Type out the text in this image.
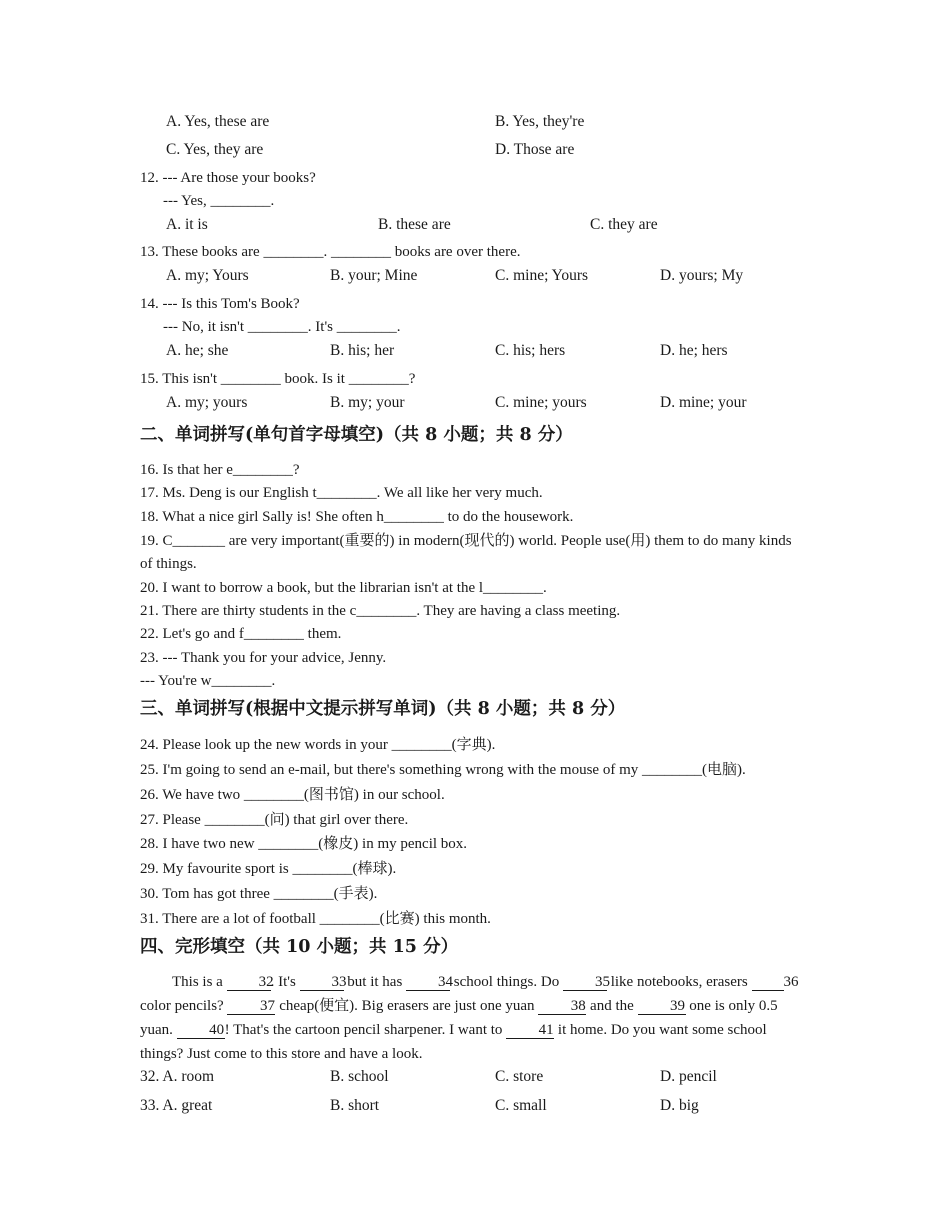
A. Yes, these are	B. Yes, they're
C. Yes, they are	D. Those are
12. --- Are those your books?
--- Yes, ________.
A. it is	B. these are	C. they are
13. These books are ________. ________ books are over there.
A. my; Yours	B. your; Mine	C. mine; Yours	D. yours; My
14. --- Is this Tom's Book?
--- No, it isn't ________. It's ________.
A. he; she	B. his; her	C. his; hers	D. he; hers
15. This isn't ________ book. Is it ________?
A. my; yours	B. my; your	C. mine; yours	D. mine; your
二、单词拼写(单句首字母填空)（共 8 小题；共 8 分）
16. Is that her e________?
17. Ms. Deng is our English t________. We all like her very much.
18. What a nice girl Sally is! She often h________ to do the housework.
19. C_______ are very important(重要的) in modern(现代的) world. People use(用) them to do many kinds
of things.
20. I want to borrow a book, but the librarian isn't at the l________.
21. There are thirty students in the c________. They are having a class meeting.
22. Let's go and f________ them.
23. --- Thank you for your advice, Jenny.
--- You're w________.
三、单词拼写(根据中文提示拼写单词)（共 8 小题；共 8 分）
24. Please look up the new words in your ________(字典).
25. I'm going to send an e-mail, but there's something wrong with the mouse of my ________(电脑).
26. We have two ________(图书馆) in our school.
27. Please ________(问) that girl over there.
28. I have two new ________(橡皮) in my pencil box.
29. My favourite sport is ________(棒球).
30. Tom has got three ________(手表).
31. There are a lot of football ________(比赛) this month.
四、完形填空（共 10 小题；共 15 分）
This is a 32. It's 33 but it has 34 school things. Do 35 like notebooks, erasers 36 color pencils? 37 cheap(便宜). Big erasers are just one yuan 38 and the 39 one is only 0.5 yuan. 40! That's the cartoon pencil sharpener. I want to 41 it home. Do you want some school things? Just come to this store and have a look.
32. A. room	B. school	C. store	D. pencil
33. A. great	B. short	C. small	D. big
